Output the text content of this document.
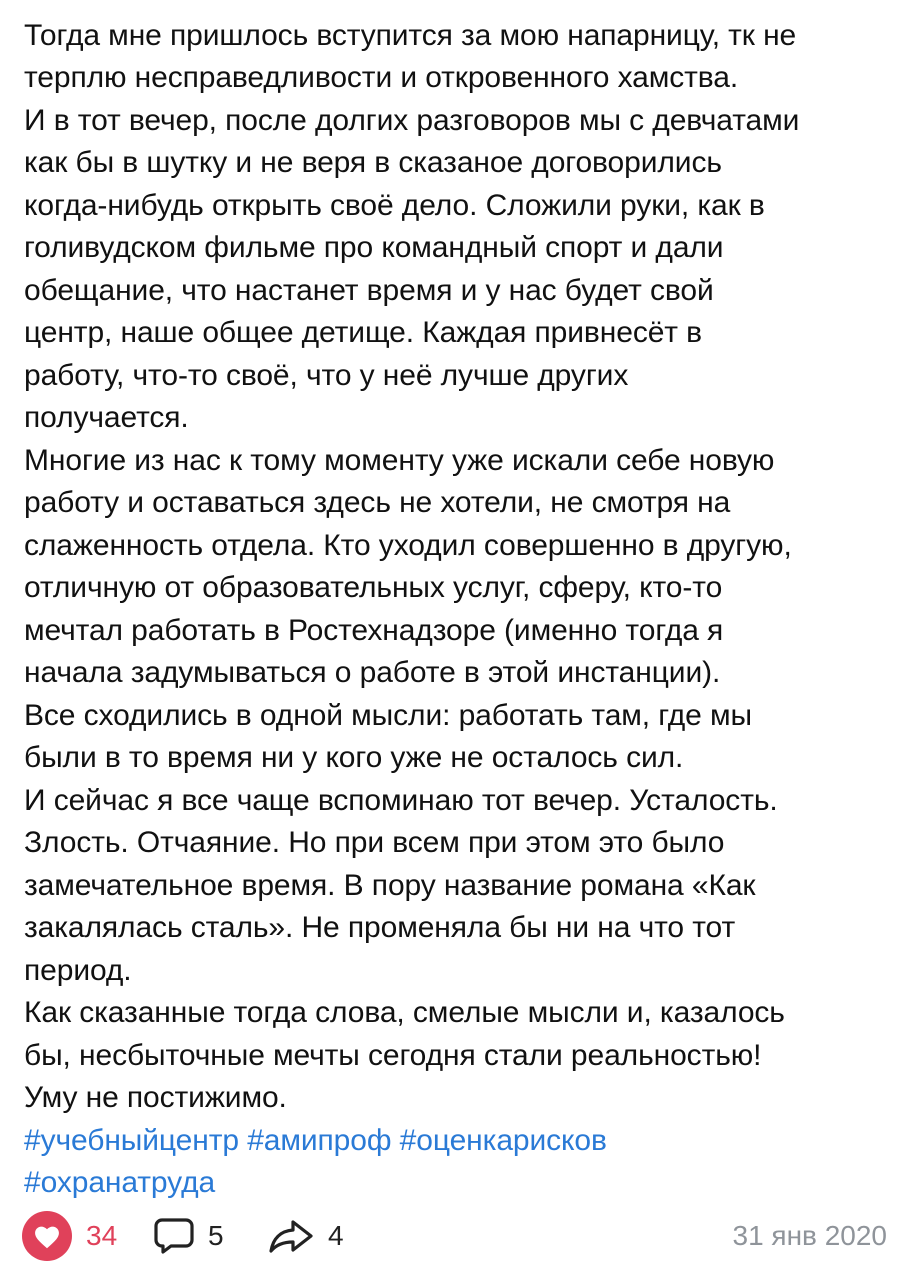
Тогда мне пришлось вступится за мою напарницу, тк не
терплю несправедливости и откровенного хамства.
И в тот вечер, после долгих разговоров мы с девчатами
как бы в шутку и не веря в сказаное договорились
когда-нибудь открыть своё дело. Сложили руки, как в
голивудском фильме про командный спорт и дали
обещание, что настанет время и у нас будет свой
центр, наше общее детище. Каждая привнесёт в
работу, что-то своё, что у неё лучше других
получается.
Многие из нас к тому моменту уже искали себе новую
работу и оставаться здесь не хотели, не смотря на
слаженность отдела. Кто уходил совершенно в другую,
отличную от образовательных услуг, сферу, кто-то
мечтал работать в Ростехнадзоре (именно тогда я
начала задумываться о работе в этой инстанции).
Все сходились в одной мысли: работать там, где мы
были в то время ни у кого уже не осталось сил.
И сейчас я все чаще вспоминаю тот вечер. Усталость.
Злость. Отчаяние. Но при всем при этом это было
замечательное время. В пору название романа «Как
закалялась сталь». Не променяла бы ни на что тот
период.
Как сказанные тогда слова, смелые мысли и, казалось
бы, несбыточные мечты сегодня стали реальностью!
Уму не постижимо.
#учебныйцентр #амипроф #оценкарисков
#охранатруда
34	5	4	31 янв 2020
